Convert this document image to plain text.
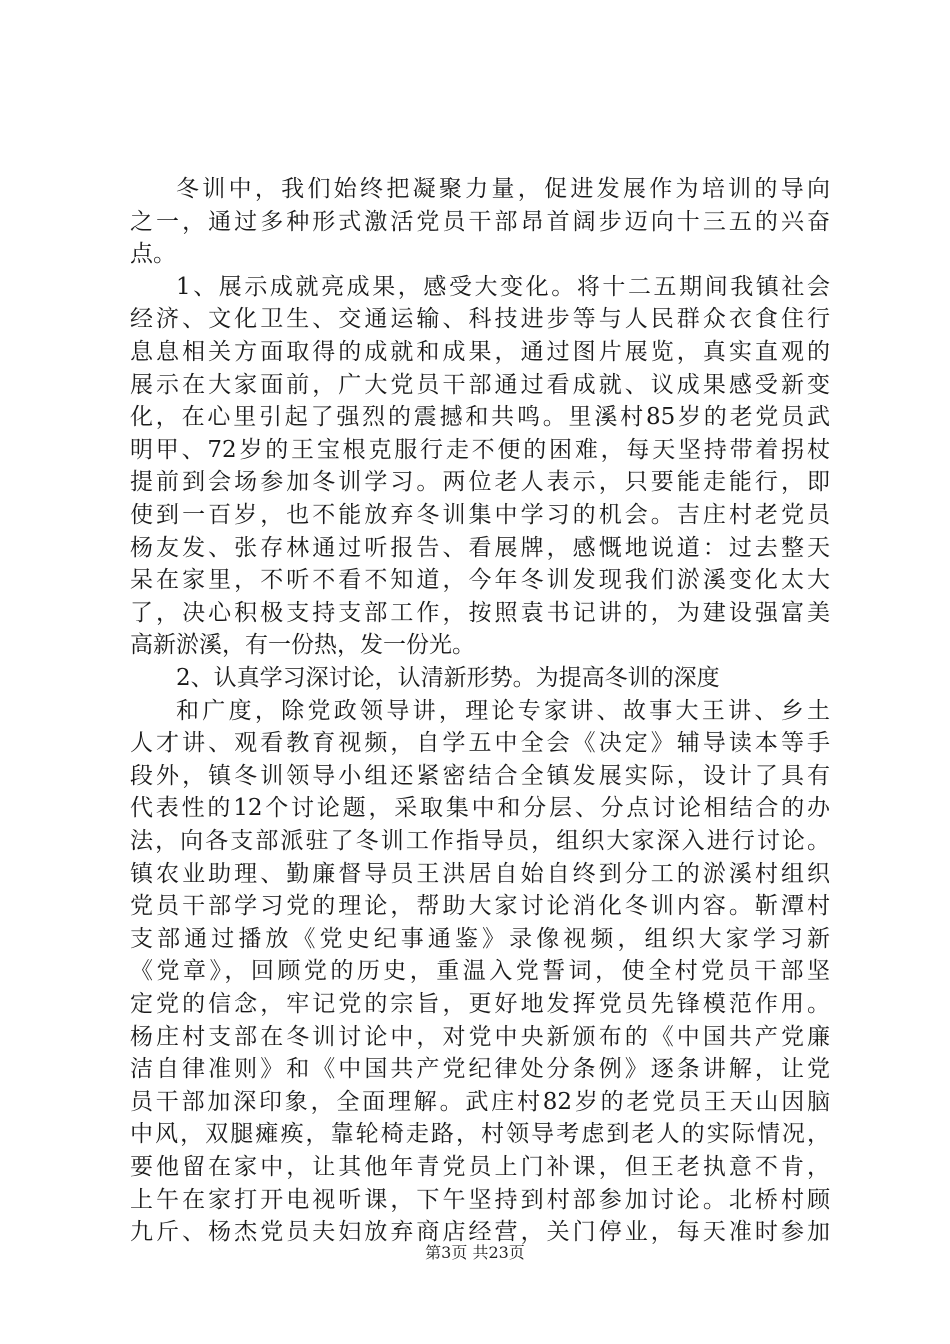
冬训中，我们始终把凝聚力量，促进发展作为培训的导向
之一，通过多种形式激活党员干部昂首阔步迈向十三五的兴奋
点。
1、展示成就亮成果，感受大变化。将十二五期间我镇社会
经济、文化卫生、交通运输、科技进步等与人民群众衣食住行
息息相关方面取得的成就和成果，通过图片展览，真实直观的
展示在大家面前，广大党员干部通过看成就、议成果感受新变
化，在心里引起了强烈的震撼和共鸣。里溪村85岁的老党员武
明甲、72岁的王宝根克服行走不便的困难，每天坚持带着拐杖
提前到会场参加冬训学习。两位老人表示，只要能走能行，即
使到一百岁，也不能放弃冬训集中学习的机会。吉庄村老党员
杨友发、张存林通过听报告、看展牌，感慨地说道：过去整天
呆在家里，不听不看不知道，今年冬训发现我们淤溪变化太大
了，决心积极支持支部工作，按照袁书记讲的，为建设强富美
高新淤溪，有一份热，发一份光。
2、认真学习深讨论，认清新形势。为提高冬训的深度
和广度，除党政领导讲，理论专家讲、故事大王讲、乡土
人才讲、观看教育视频，自学五中全会《决定》辅导读本等手
段外，镇冬训领导小组还紧密结合全镇发展实际，设计了具有
代表性的12个讨论题，采取集中和分层、分点讨论相结合的办
法，向各支部派驻了冬训工作指导员，组织大家深入进行讨论。
镇农业助理、勤廉督导员王洪居自始自终到分工的淤溪村组织
党员干部学习党的理论，帮助大家讨论消化冬训内容。靳潭村
支部通过播放《党史纪事通鉴》录像视频，组织大家学习新
《党章》，回顾党的历史，重温入党誓词，使全村党员干部坚
定党的信念，牢记党的宗旨，更好地发挥党员先锋模范作用。
杨庄村支部在冬训讨论中，对党中央新颁布的《中国共产党廉
洁自律准则》和《中国共产党纪律处分条例》逐条讲解，让党
员干部加深印象，全面理解。武庄村82岁的老党员王天山因脑
中风，双腿瘫痪，靠轮椅走路，村领导考虑到老人的实际情况，
要他留在家中，让其他年青党员上门补课，但王老执意不肯，
上午在家打开电视听课，下午坚持到村部参加讨论。北桥村顾
九斤、杨杰党员夫妇放弃商店经营，关门停业，每天准时参加
第3页 共23页
